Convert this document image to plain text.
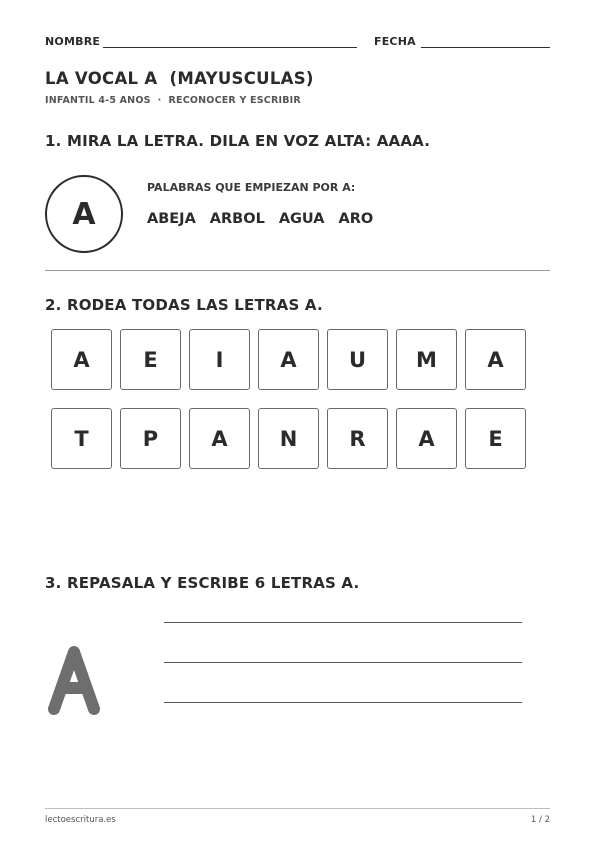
NOMBRE	FECHA
LA VOCAL A  (MAYUSCULAS)
INFANTIL 4-5 ANOS  ·  RECONOCER Y ESCRIBIR
1. MIRA LA LETRA. DILA EN VOZ ALTA: AAAA.
A
PALABRAS QUE EMPIEZAN POR A:
ABEJA ARBOL AGUA ARO
2. RODEA TODAS LAS LETRAS A.
A	E	I	A U M A
T	P	A N R	A	E
3. REPASALA Y ESCRIBE 6 LETRAS A.
lectoescritura.es	1 / 2
